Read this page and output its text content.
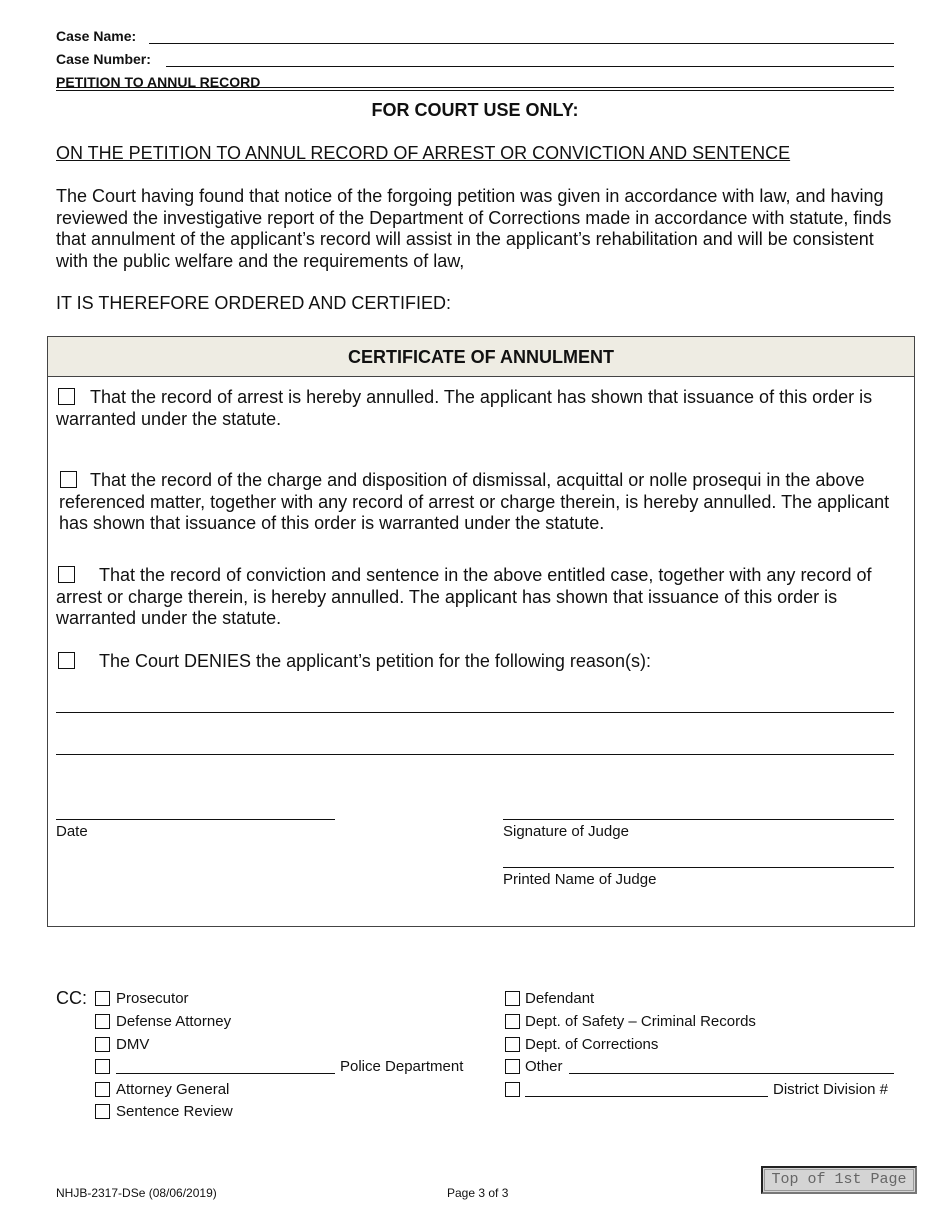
Case Name:
Case Number:
PETITION TO ANNUL RECORD
FOR COURT USE ONLY:
ON THE PETITION TO ANNUL RECORD OF ARREST OR CONVICTION AND SENTENCE
The Court having found that notice of the forgoing petition was given in accordance with law, and having reviewed the investigative report of the Department of Corrections made in accordance with statute, finds that annulment of the applicant’s record will assist in the applicant’s rehabilitation and will be consistent with the public welfare and the requirements of law,
IT IS THEREFORE ORDERED AND CERTIFIED:
CERTIFICATE OF ANNULMENT
That the record of arrest is hereby annulled. The applicant has shown that issuance of this order is warranted under the statute.
That the record of the charge and disposition of dismissal, acquittal or nolle prosequi in the above referenced matter, together with any record of arrest or charge therein, is hereby annulled. The applicant has shown that issuance of this order is warranted under the statute.
That the record of conviction and sentence in the above entitled case, together with any record of arrest or charge therein, is hereby annulled. The applicant has shown that issuance of this order is warranted under the statute.
The Court DENIES the applicant’s petition for the following reason(s):
Date	Signature of Judge
Printed Name of Judge
CC: Prosecutor
Defense Attorney
DMV
Police Department
Attorney General
Sentence Review
Defendant
Dept. of Safety – Criminal Records
Dept. of Corrections
Other
District Division #
NHJB-2317-DSe (08/06/2019)	Page 3 of 3
Top of 1st Page
